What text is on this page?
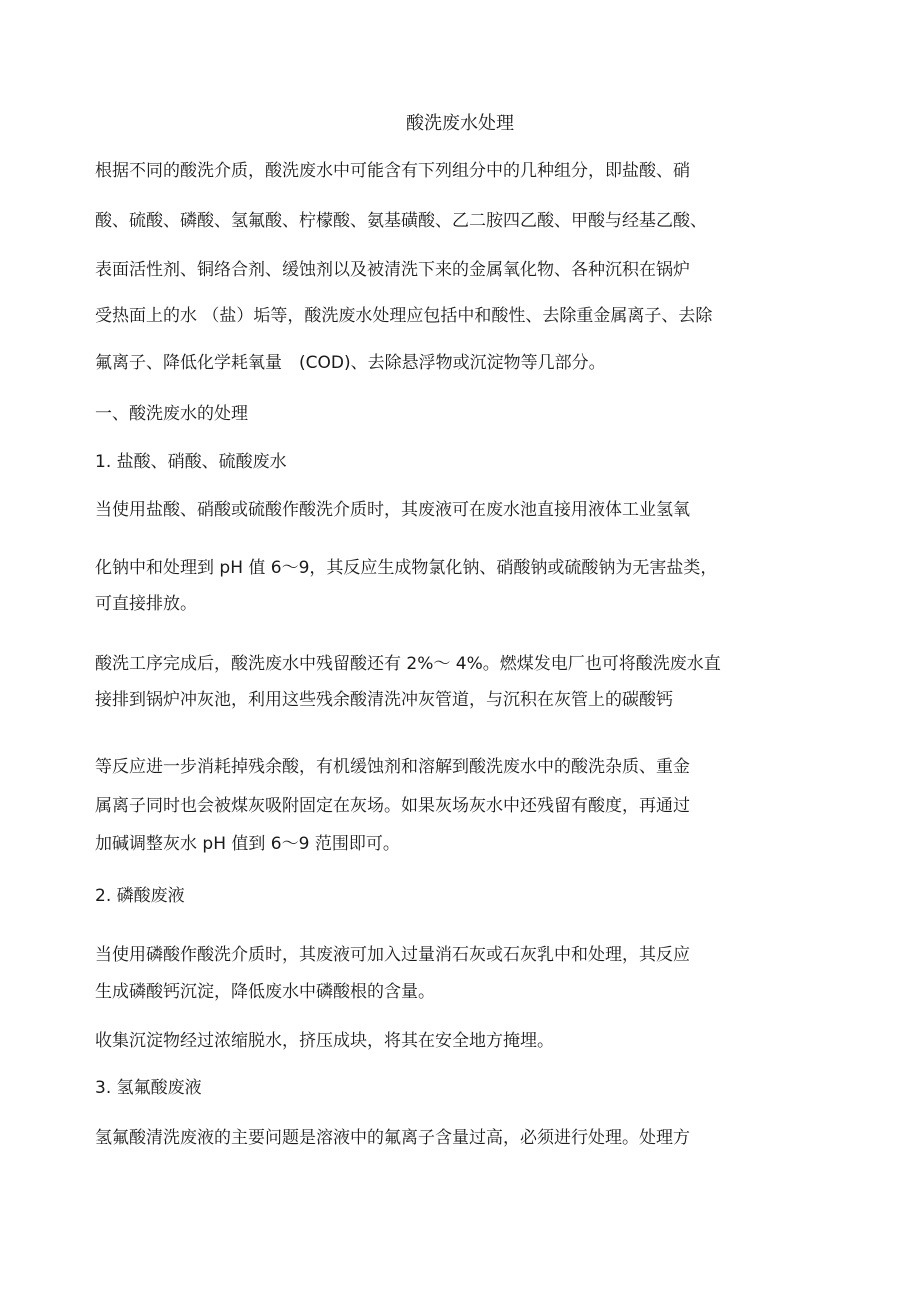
酸洗废水处理
根据不同的酸洗介质，酸洗废水中可能含有下列组分中的几种组分，即盐酸、硝
酸、硫酸、磷酸、氢氟酸、柠檬酸、氨基磺酸、乙二胺四乙酸、甲酸与经基乙酸、
表面活性剂、铜络合剂、缓蚀剂以及被清洗下来的金属氧化物、各种沉积在锅炉
受热面上的水 （盐）垢等，酸洗废水处理应包括中和酸性、去除重金属离子、去除
氟离子、降低化学耗氧量　(COD)、去除悬浮物或沉淀物等几部分。
一、酸洗废水的处理
1. 盐酸、硝酸、硫酸废水
当使用盐酸、硝酸或硫酸作酸洗介质时，其废液可在废水池直接用液体工业氢氧
化钠中和处理到 pH 值 6～9，其反应生成物氯化钠、硝酸钠或硫酸钠为无害盐类，
可直接排放。
酸洗工序完成后，酸洗废水中残留酸还有 2%～ 4%。燃煤发电厂也可将酸洗废水直
接排到锅炉冲灰池，利用这些残余酸清洗冲灰管道，与沉积在灰管上的碳酸钙
等反应进一步消耗掉残余酸，有机缓蚀剂和溶解到酸洗废水中的酸洗杂质、重金
属离子同时也会被煤灰吸附固定在灰场。如果灰场灰水中还残留有酸度，再通过
加碱调整灰水 pH 值到 6～9 范围即可。
2. 磷酸废液
当使用磷酸作酸洗介质时，其废液可加入过量消石灰或石灰乳中和处理，其反应
生成磷酸钙沉淀，降低废水中磷酸根的含量。
收集沉淀物经过浓缩脱水，挤压成块，将其在安全地方掩埋。
3. 氢氟酸废液
氢氟酸清洗废液的主要问题是溶液中的氟离子含量过高，必须进行处理。处理方
